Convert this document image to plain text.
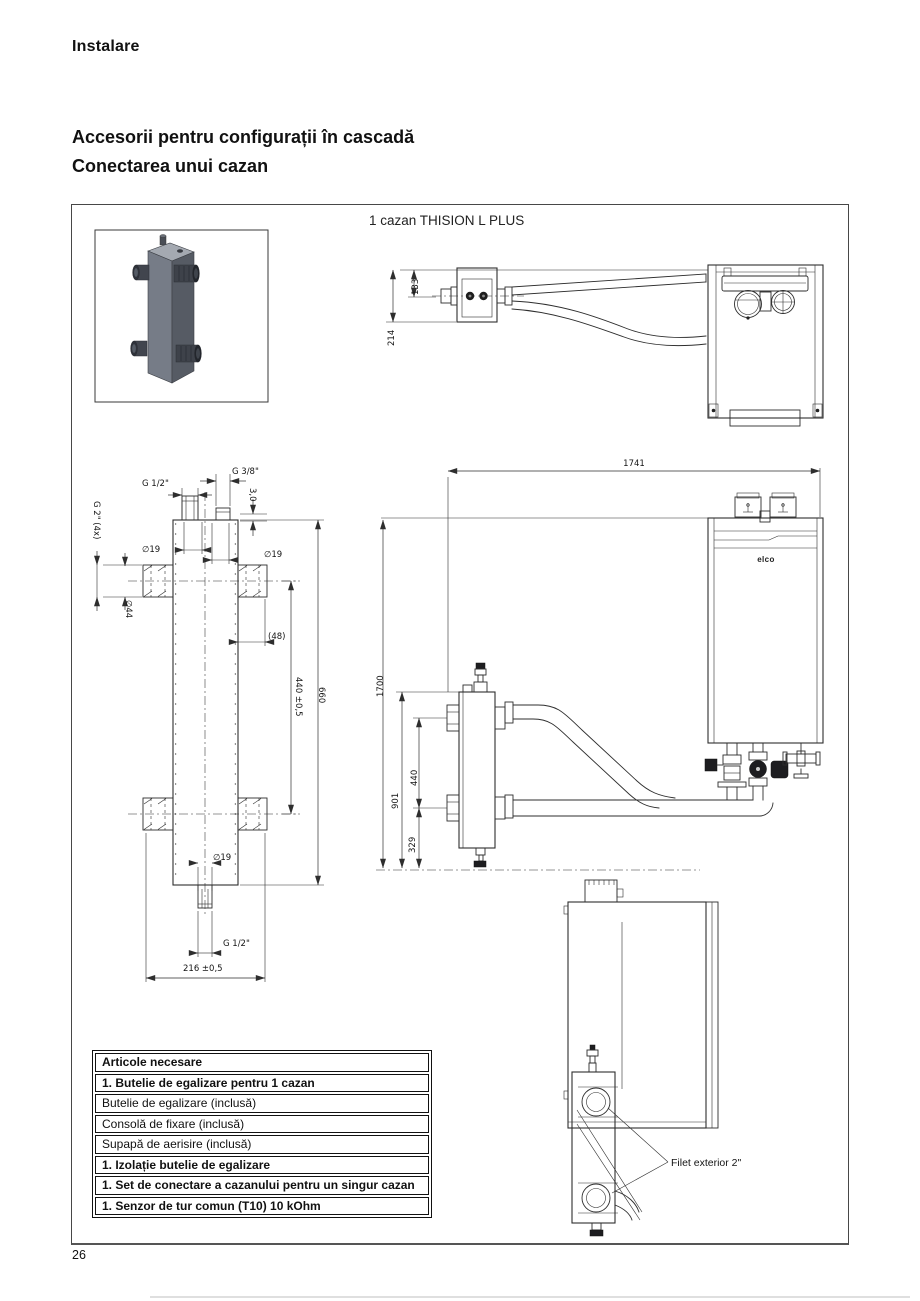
Instalare
Accesorii pentru configurații în cascadă
Conectarea unui cazan
1 cazan THISION L PLUS
214
133
G 1/2"
G 3/8"
3,0
G 2" (4x)
∅19	∅19
∅44
(48)
440 ±0,5 660
∅19
G 1/2"
216 ±0,5
1741
1700
901
440
329
elco
Filet exterior 2"
Articole necesare
1. Butelie de egalizare pentru 1 cazan
Butelie de egalizare (inclusă)
Consolă de fixare (inclusă)
Supapă de aerisire (inclusă)
1. Izolație butelie de egalizare
1. Set de conectare a cazanului pentru un singur cazan
1. Senzor de tur comun (T10) 10 kOhm
26
